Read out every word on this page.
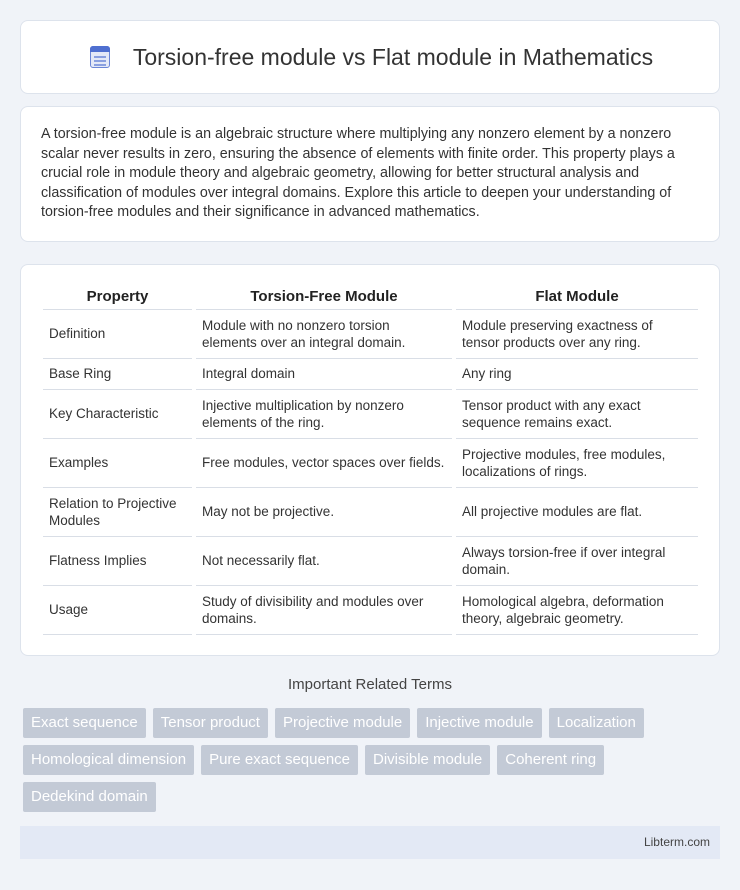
Torsion-free module vs Flat module in Mathematics

A torsion-free module is an algebraic structure where multiplying any nonzero element by a nonzero scalar never results in zero, ensuring the absence of elements with finite order. This property plays a crucial role in module theory and algebraic geometry, allowing for better structural analysis and classification of modules over integral domains. Explore this article to deepen your understanding of torsion-free modules and their significance in advanced mathematics.

Property	Torsion-Free Module	Flat Module
Definition	Module with no nonzero torsion elements over an integral domain.	Module preserving exactness of tensor products over any ring.
Base Ring	Integral domain	Any ring
Key Characteristic	Injective multiplication by nonzero elements of the ring.	Tensor product with any exact sequence remains exact.
Examples	Free modules, vector spaces over fields.	Projective modules, free modules, localizations of rings.
Relation to Projective Modules	May not be projective.	All projective modules are flat.
Flatness Implies	Not necessarily flat.	Always torsion-free if over integral domain.
Usage	Study of divisibility and modules over domains.	Homological algebra, deformation theory, algebraic geometry.
Important Related Terms
Exact sequence	Tensor product	Projective module	Injective module	Localization
Homological dimension	Pure exact sequence	Divisible module	Coherent ring
Dedekind domain
Libterm.com
